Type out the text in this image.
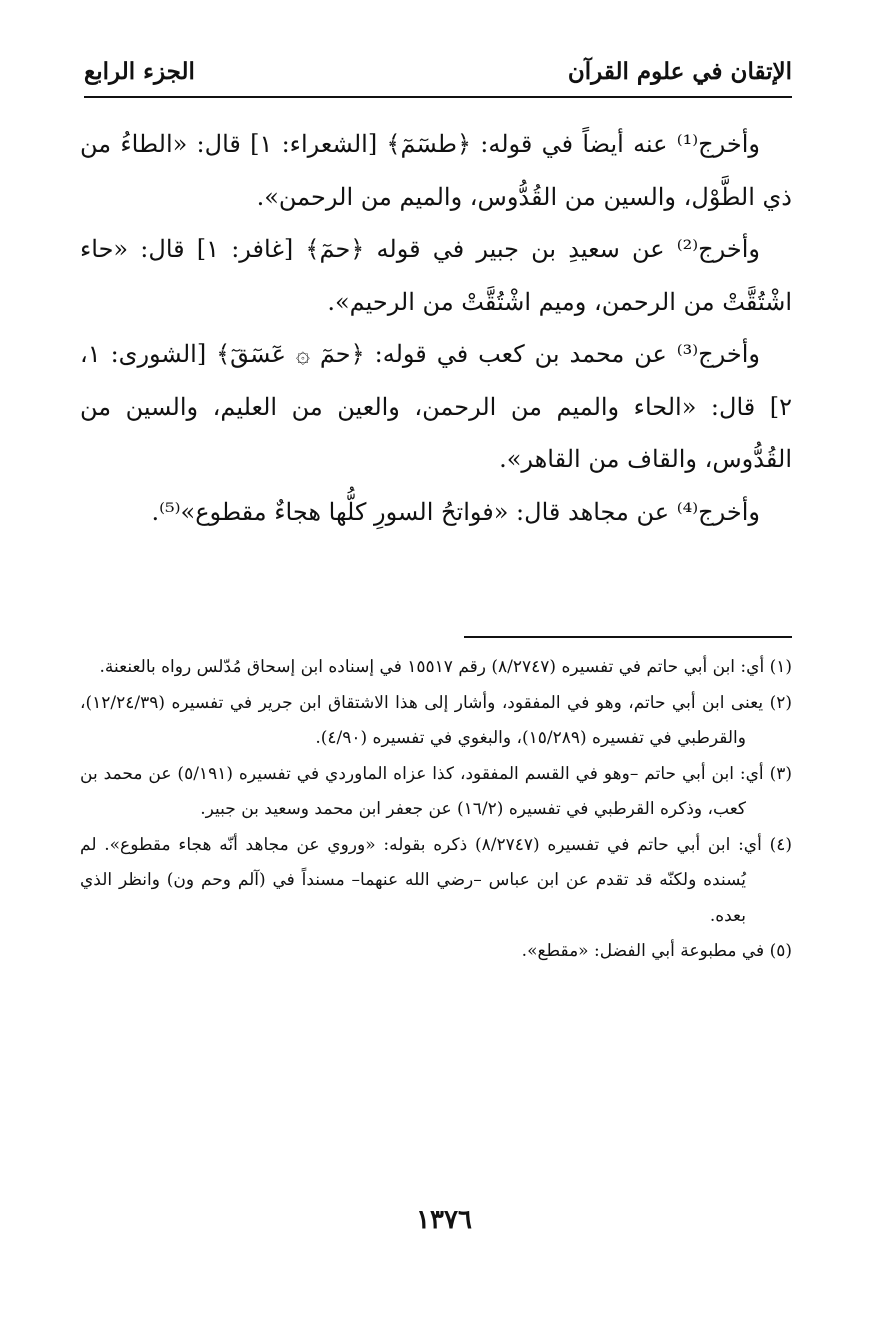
الإتقان في علوم القرآن
الجزء الرابع

وأخرج⁽¹⁾ عنه أيضاً في قوله: ﴿طسٓمٓ﴾ [الشعراء: ١] قال: «الطاءُ من ذي الطَّوْل، والسين من القُدُّوس، والميم من الرحمن».

وأخرج⁽²⁾ عن سعيدِ بن جبير في قوله ﴿حمٓ﴾ [غافر: ١] قال: «حاء اشْتُقَّتْ من الرحمن، وميم اشْتُقَّتْ من الرحيم».

وأخرج⁽³⁾ عن محمد بن كعب في قوله: ﴿حمٓ ۞ عٓسٓقٓ﴾ [الشورى: ١، ٢] قال: «الحاء والميم من الرحمن، والعين من العليم، والسين من القُدُّوس، والقاف من القاهر».

وأخرج⁽⁴⁾ عن مجاهد قال: «فواتحُ السورِ كلُّها هجاءٌ مقطوع»⁽⁵⁾.

(١) أي: ابن أبي حاتم في تفسيره (٨/٢٧٤٧) رقم ١٥٥١٧ في إسناده ابن إسحاق مُدّلس رواه بالعنعنة.

(٢) يعنى ابن أبي حاتم، وهو في المفقود، وأشار إلى هذا الاشتقاق ابن جرير في تفسيره (١٢/٢٤/٣٩)، والقرطبي في تفسيره (١٥/٢٨٩)، والبغوي في تفسيره (٤/٩٠).

(٣) أي: ابن أبي حاتم –وهو في القسم المفقود، كذا عزاه الماوردي في تفسيره (٥/١٩١) عن محمد بن كعب، وذكره القرطبي في تفسيره (١٦/٢) عن جعفر ابن محمد وسعيد بن جبير.

(٤) أي: ابن أبي حاتم في تفسيره (٨/٢٧٤٧) ذكره بقوله: «وروي عن مجاهد أنّه هجاء مقطوع». لم يُسنده ولكنّه قد تقدم عن ابن عباس –رضي الله عنهما– مسنداً في (آلم وحم ون) وانظر الذي بعده.

(٥) في مطبوعة أبي الفضل: «مقطع».

١٣٧٦
